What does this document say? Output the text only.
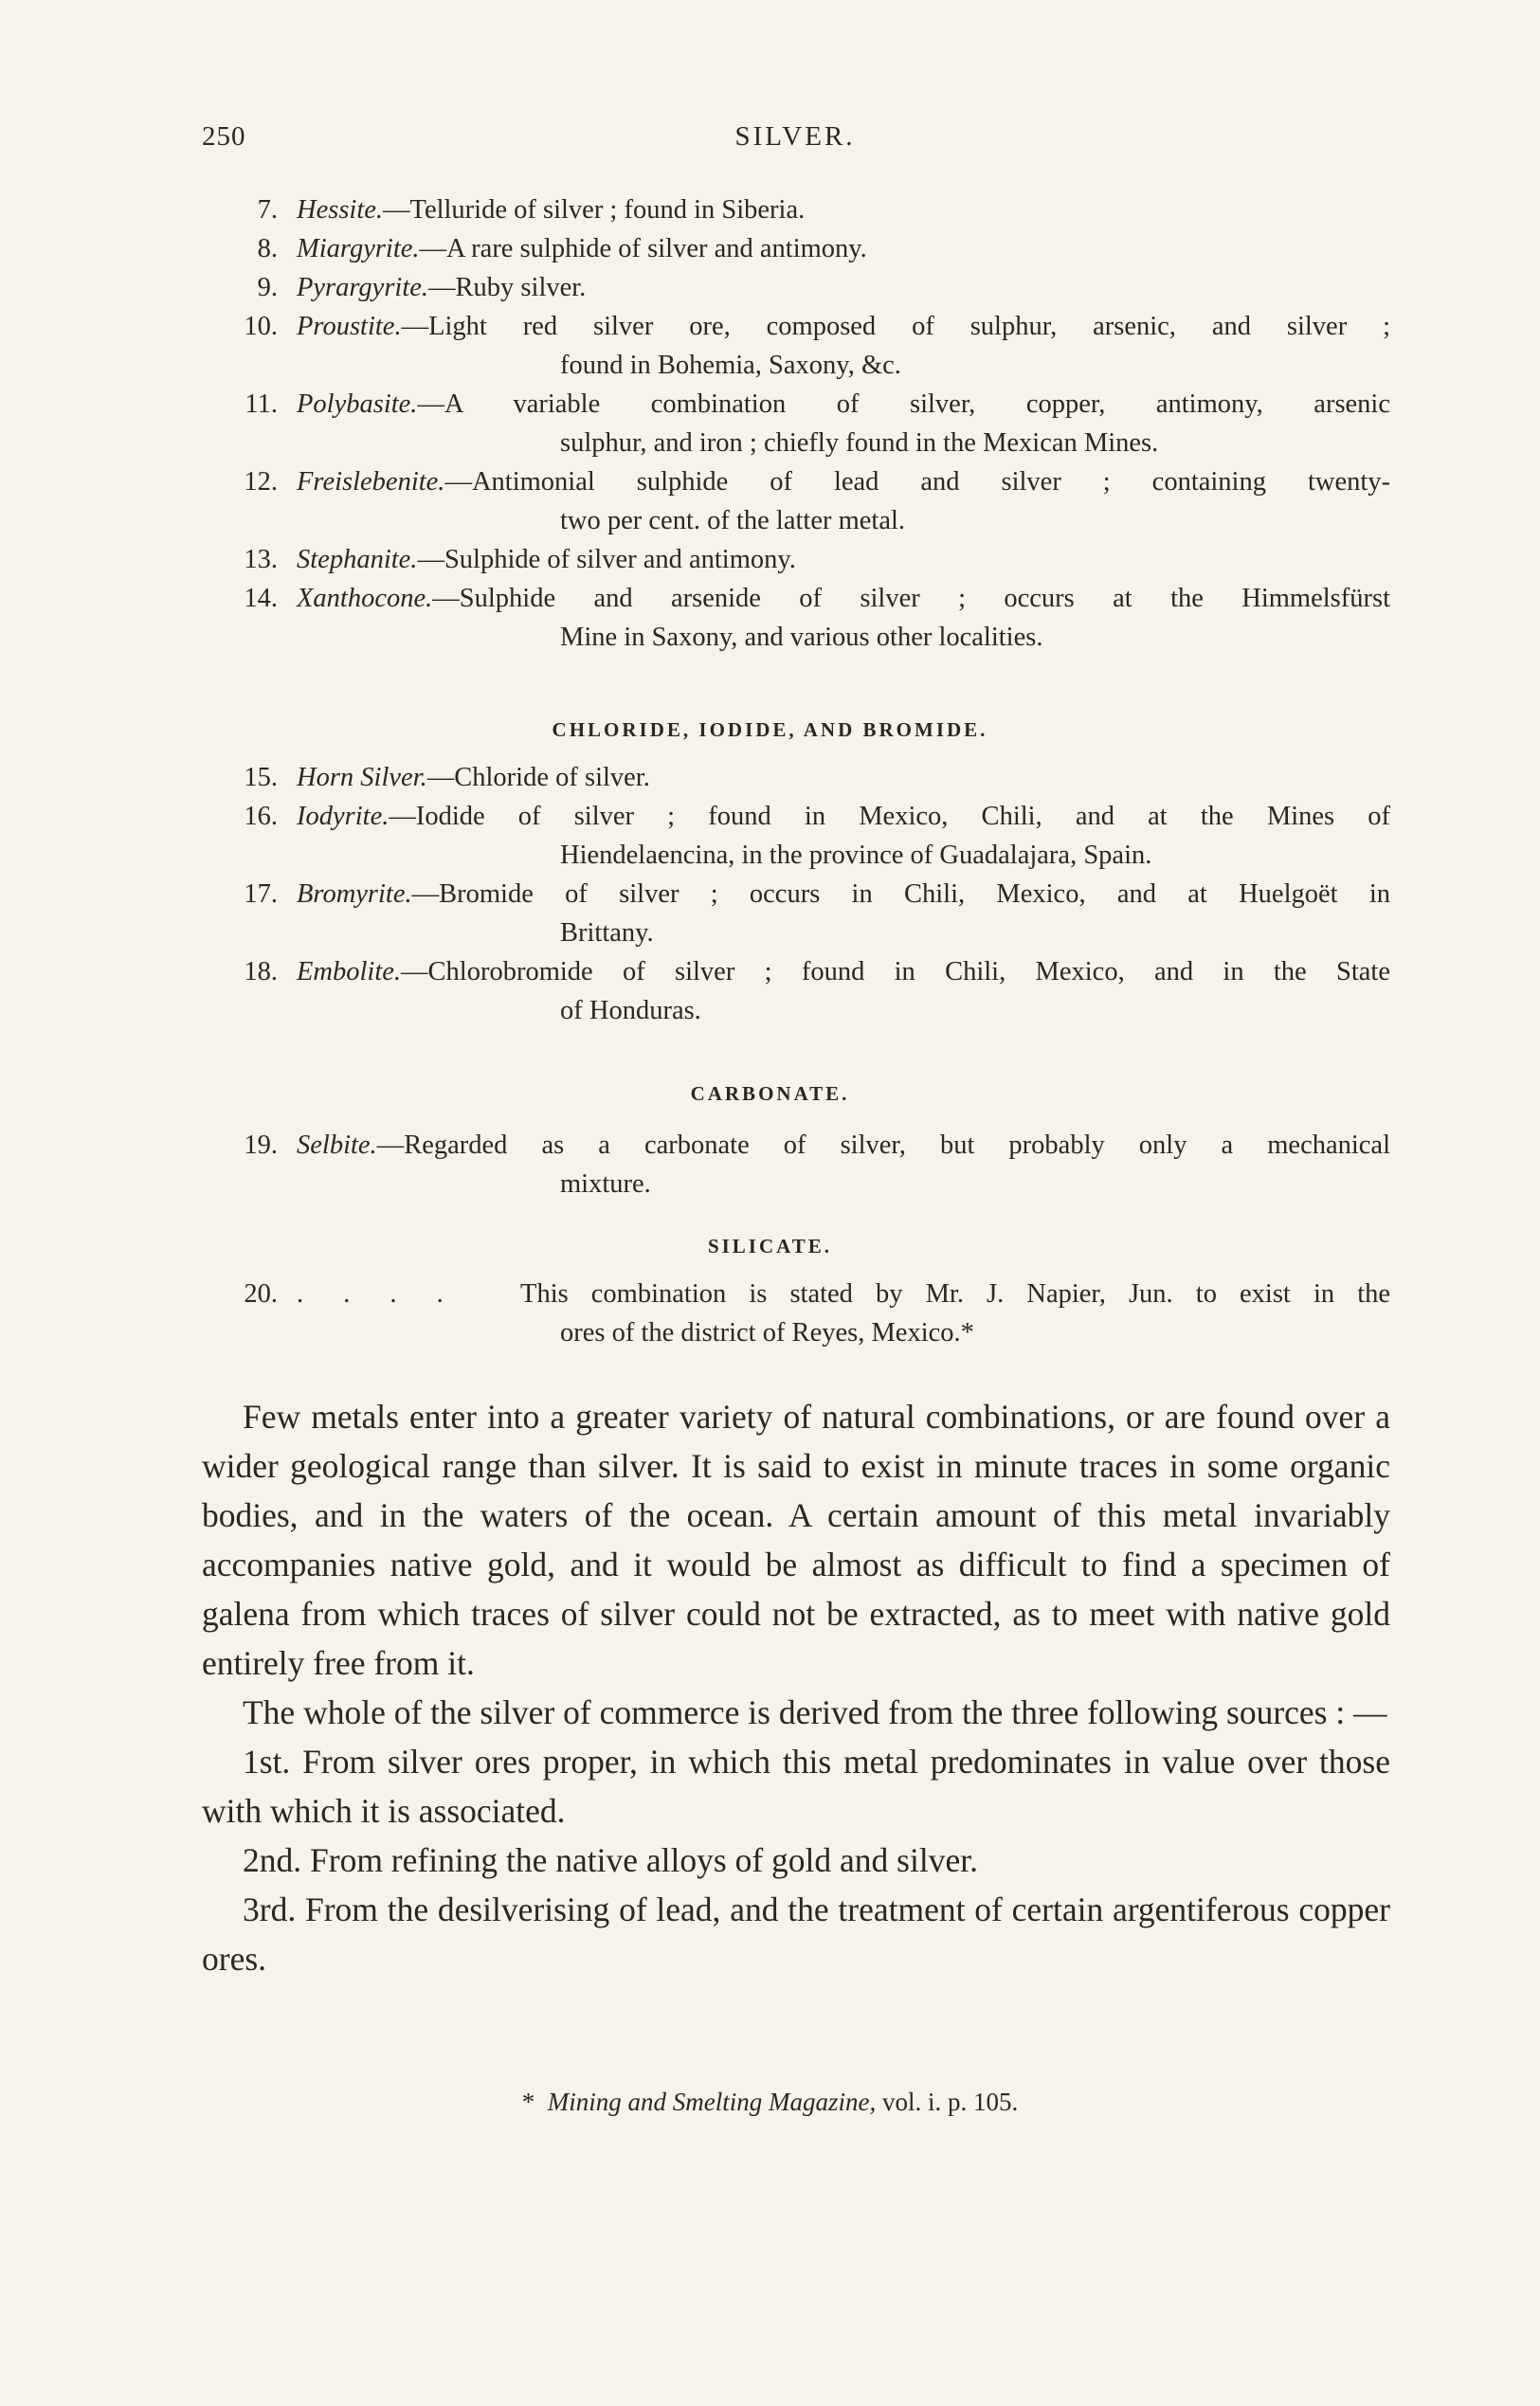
250	SILVER.
7. Hessite.—Telluride of silver ; found in Siberia.
8. Miargyrite.—A rare sulphide of silver and antimony.
9. Pyrargyrite.—Ruby silver.
10. Proustite.—Light red silver ore, composed of sulphur, arsenic, and silver ;
found in Bohemia, Saxony, &c.
11. Polybasite.—A variable combination of silver, copper, antimony, arsenic
sulphur, and iron ; chiefly found in the Mexican Mines.
12. Freislebenite.—Antimonial sulphide of lead and silver ; containing twenty-
two per cent. of the latter metal.
13. Stephanite.—Sulphide of silver and antimony.
14. Xanthocone.—Sulphide and arsenide of silver ; occurs at the Himmelsfürst
Mine in Saxony, and various other localities.
CHLORIDE, IODIDE, AND BROMIDE.
15. Horn Silver.—Chloride of silver.
16. Iodyrite.—Iodide of silver ; found in Mexico, Chili, and at the Mines of
Hiendelaencina, in the province of Guadalajara, Spain.
17. Bromyrite.—Bromide of silver ; occurs in Chili, Mexico, and at Huelgoët in
Brittany.
18. Embolite.—Chlorobromide of silver ; found in Chili, Mexico, and in the State
of Honduras.
CARBONATE.
19. Selbite.—Regarded as a carbonate of silver, but probably only a mechanical
mixture.
SILICATE.
20. . . . .	This combination is stated by Mr. J. Napier, Jun. to exist in the
ores of the district of Reyes, Mexico.*

Few metals enter into a greater variety of natural combinations, or are found over a wider geological range than silver. It is said to exist in minute traces in some organic bodies, and in the waters of the ocean. A certain amount of this metal invariably accompanies native gold, and it would be almost as difficult to find a specimen of galena from which traces of silver could not be extracted, as to meet with native gold entirely free from it.

The whole of the silver of commerce is derived from the three following sources : —

1st. From silver ores proper, in which this metal predominates in value over those with which it is associated.

2nd. From refining the native alloys of gold and silver.

3rd. From the desilverising of lead, and the treatment of certain argentiferous copper ores.

* Mining and Smelting Magazine, vol. i. p. 105.
